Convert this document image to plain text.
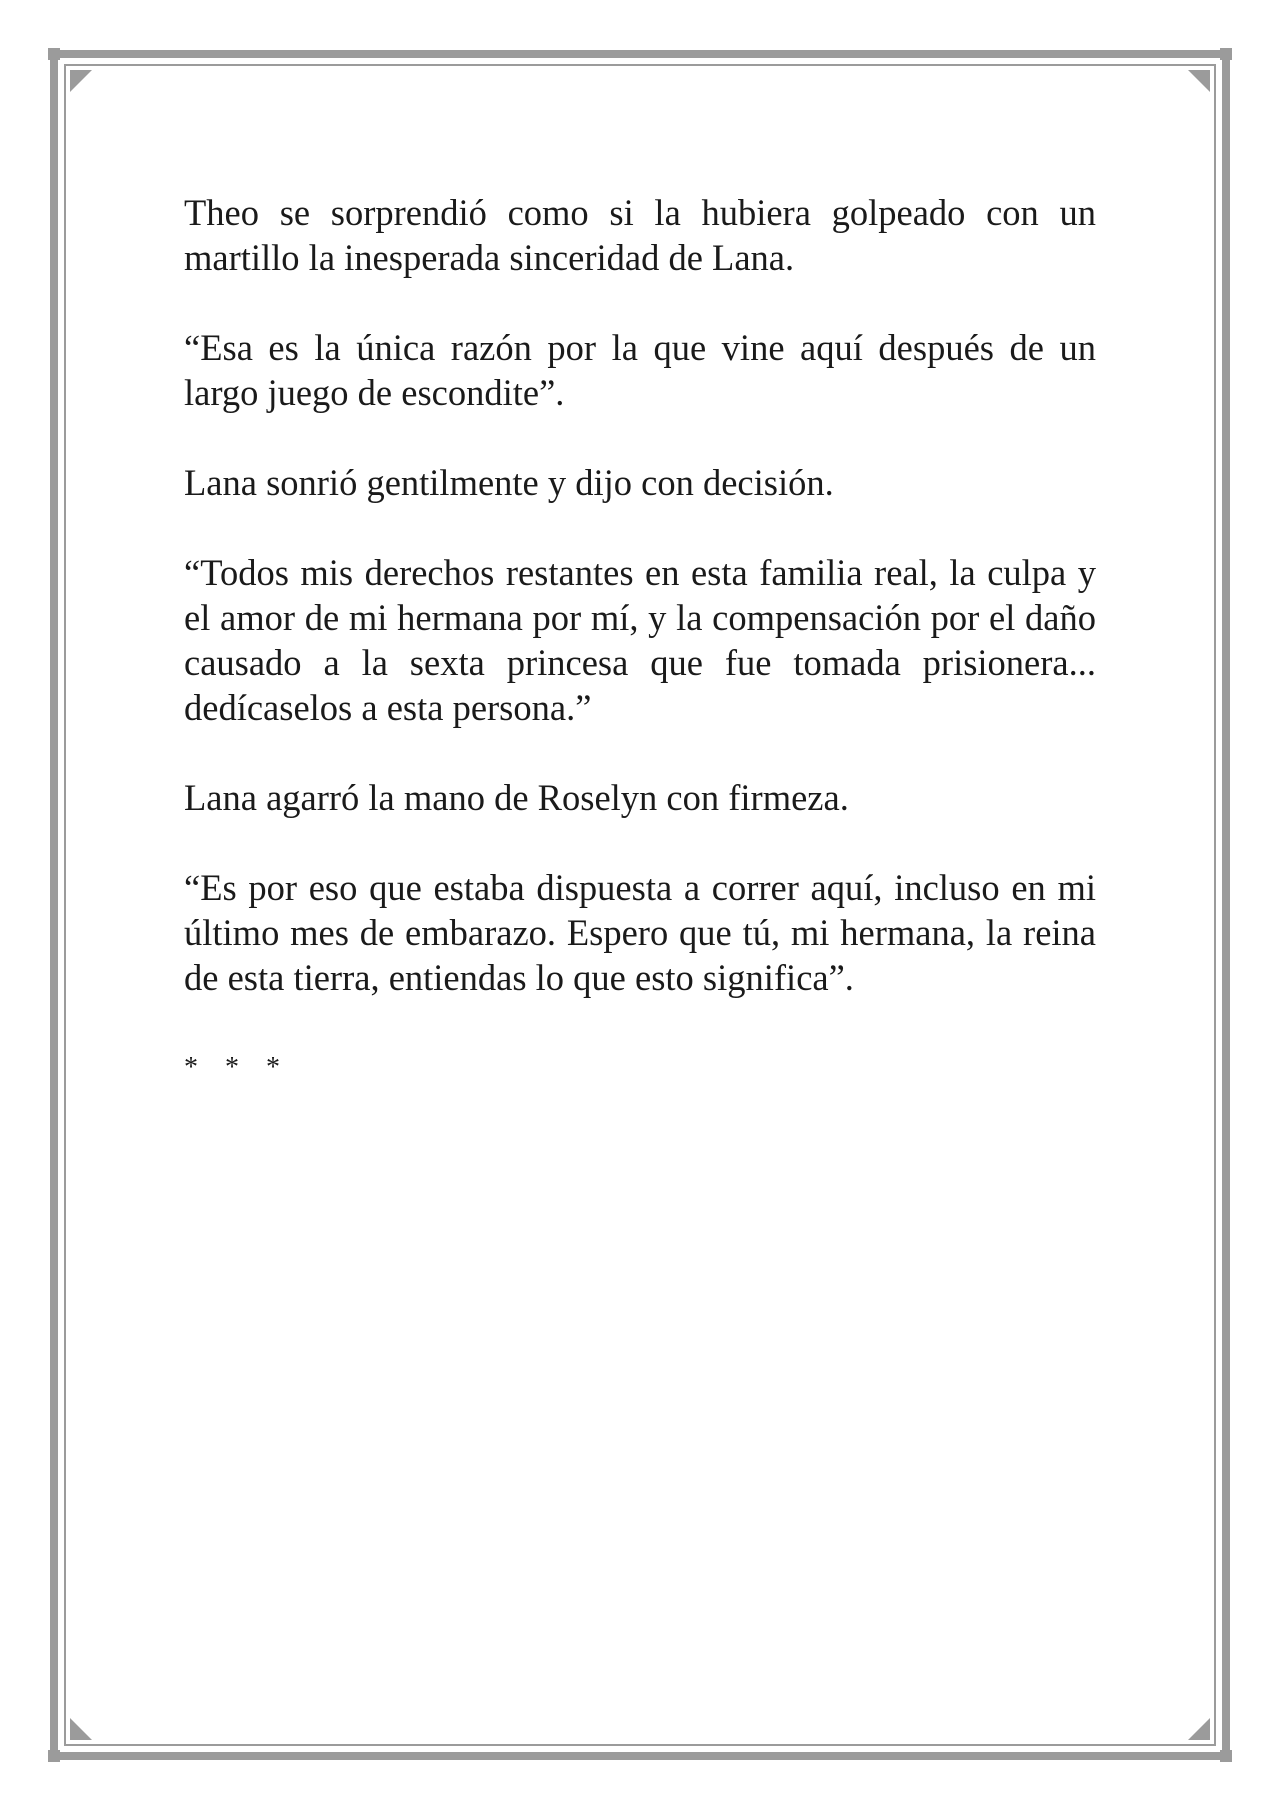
Theo se sorprendió como si la hubiera golpeado con un martillo la inesperada sinceridad de Lana.

“Esa es la única razón por la que vine aquí después de un largo juego de escondite”.

Lana sonrió gentilmente y dijo con decisión.

“Todos mis derechos restantes en esta familia real, la culpa y el amor de mi hermana por mí, y la compensación por el daño causado a la sexta princesa que fue tomada prisionera... dedícaselos a esta persona.”

Lana agarró la mano de Roselyn con firmeza.

“Es por eso que estaba dispuesta a correr aquí, incluso en mi último mes de embarazo. Espero que tú, mi hermana, la reina de esta tierra, entiendas lo que esto significa”.

* * *
